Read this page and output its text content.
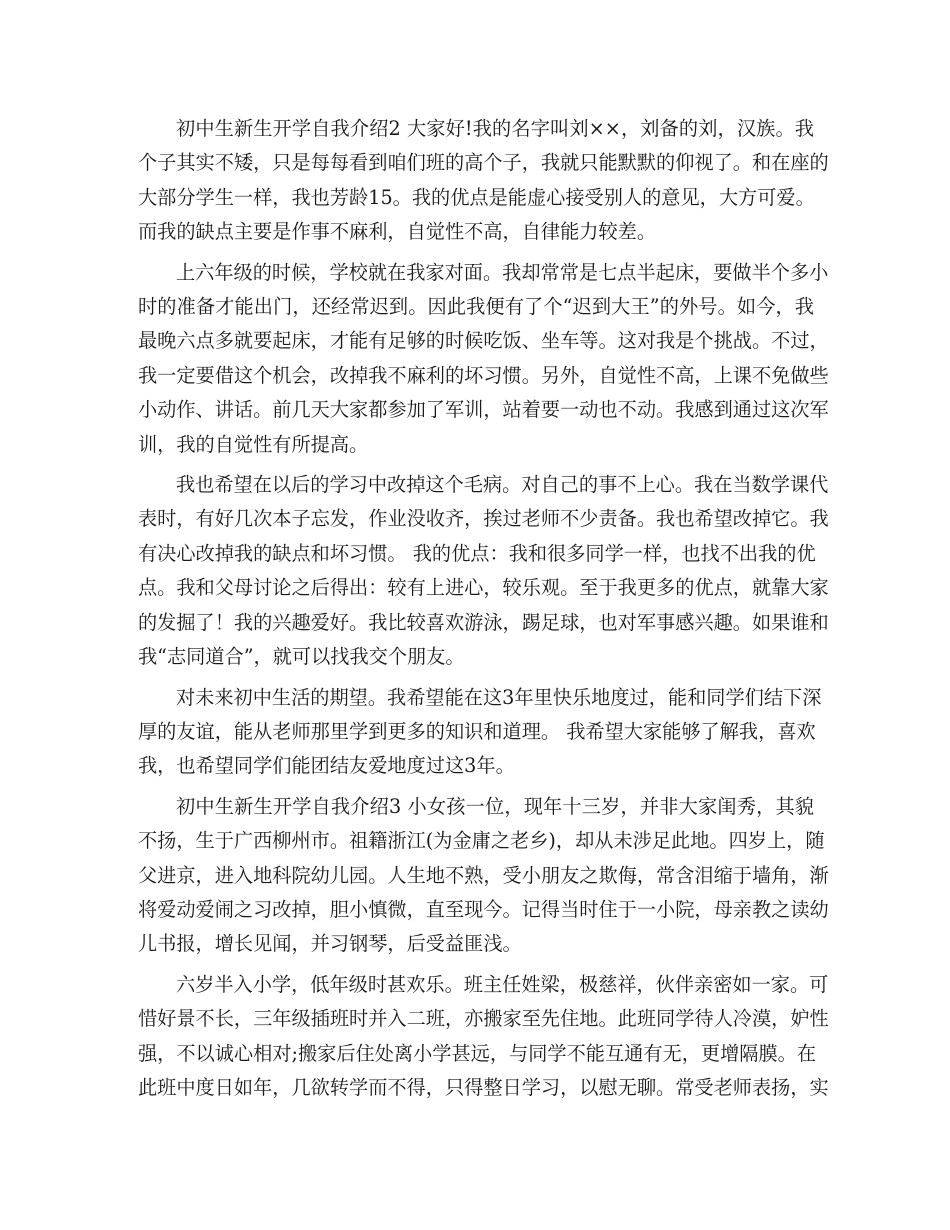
初中生新生开学自我介绍2 大家好!我的名字叫刘××，刘备的刘，汉族。我
个子其实不矮，只是每每看到咱们班的高个子，我就只能默默的仰视了。和在座的
大部分学生一样，我也芳龄15。我的优点是能虚心接受别人的意见，大方可爱。
而我的缺点主要是作事不麻利，自觉性不高，自律能力较差。
上六年级的时候，学校就在我家对面。我却常常是七点半起床，要做半个多小
时的准备才能出门，还经常迟到。因此我便有了个“迟到大王”的外号。如今，我
最晚六点多就要起床，才能有足够的时候吃饭、坐车等。这对我是个挑战。不过，
我一定要借这个机会，改掉我不麻利的坏习惯。另外，自觉性不高，上课不免做些
小动作、讲话。前几天大家都参加了军训，站着要一动也不动。我感到通过这次军
训，我的自觉性有所提高。
我也希望在以后的学习中改掉这个毛病。对自己的事不上心。我在当数学课代
表时，有好几次本子忘发，作业没收齐，挨过老师不少责备。我也希望改掉它。我
有决心改掉我的缺点和坏习惯。 我的优点：我和很多同学一样，也找不出我的优
点。我和父母讨论之后得出：较有上进心，较乐观。至于我更多的优点，就靠大家
的发掘了！我的兴趣爱好。我比较喜欢游泳，踢足球，也对军事感兴趣。如果谁和
我“志同道合”，就可以找我交个朋友。
对未来初中生活的期望。我希望能在这3年里快乐地度过，能和同学们结下深
厚的友谊，能从老师那里学到更多的知识和道理。 我希望大家能够了解我，喜欢
我，也希望同学们能团结友爱地度过这3年。
初中生新生开学自我介绍3 小女孩一位，现年十三岁，并非大家闺秀，其貌
不扬，生于广西柳州市。祖籍浙江(为金庸之老乡)，却从未涉足此地。四岁上，随
父进京，进入地科院幼儿园。人生地不熟，受小朋友之欺侮，常含泪缩于墙角，渐
将爱动爱闹之习改掉，胆小慎微，直至现今。记得当时住于一小院，母亲教之读幼
儿书报，增长见闻，并习钢琴，后受益匪浅。
六岁半入小学，低年级时甚欢乐。班主任姓梁，极慈祥，伙伴亲密如一家。可
惜好景不长，三年级插班时并入二班，亦搬家至先住地。此班同学待人冷漠，妒性
强，不以诚心相对;搬家后住处离小学甚远，与同学不能互通有无，更增隔膜。在
此班中度日如年，几欲转学而不得，只得整日学习，以慰无聊。常受老师表扬，实
